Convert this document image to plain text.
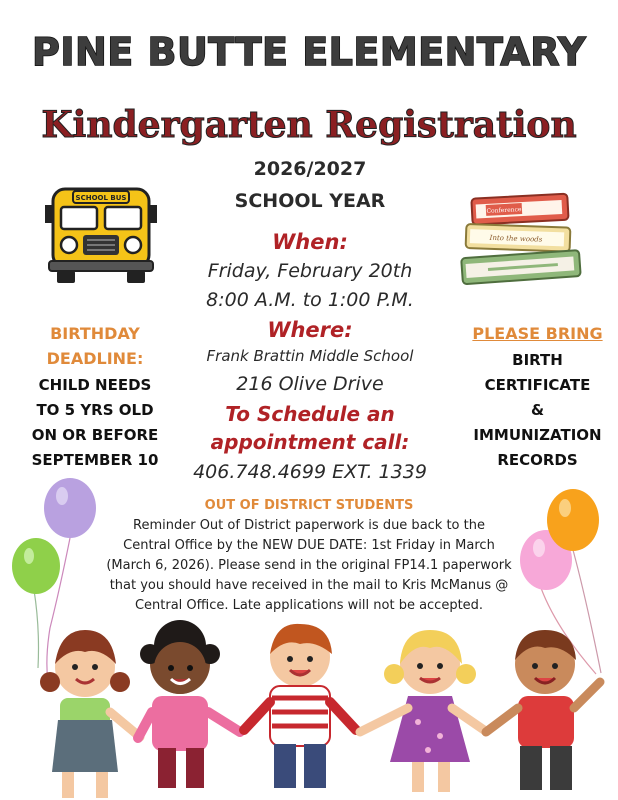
PINE BUTTE ELEMENTARY
Kindergarten Registration
2026/2027
SCHOOL YEAR
When:
Friday, February 20th
8:00 A.M. to 1:00 P.M.
Where:
Frank Brattin Middle School
216 Olive Drive
To Schedule an
appointment call:
406.748.4699 EXT. 1339
BIRTHDAY
DEADLINE:
CHILD NEEDS
TO 5 YRS OLD
ON OR BEFORE
SEPTEMBER 10
PLEASE BRING
BIRTH
CERTIFICATE
&
IMMUNIZATION
RECORDS
OUT OF DISTRICT STUDENTS
Reminder Out of District paperwork is due back to the
Central Office by the NEW DUE DATE: 1st Friday in March
(March 6, 2026). Please send in the original FP14.1 paperwork
that you should have received in the mail to Kris McManus @
Central Office. Late applications will not be accepted.
SCHOOL BUS
Conference
Into the woods
